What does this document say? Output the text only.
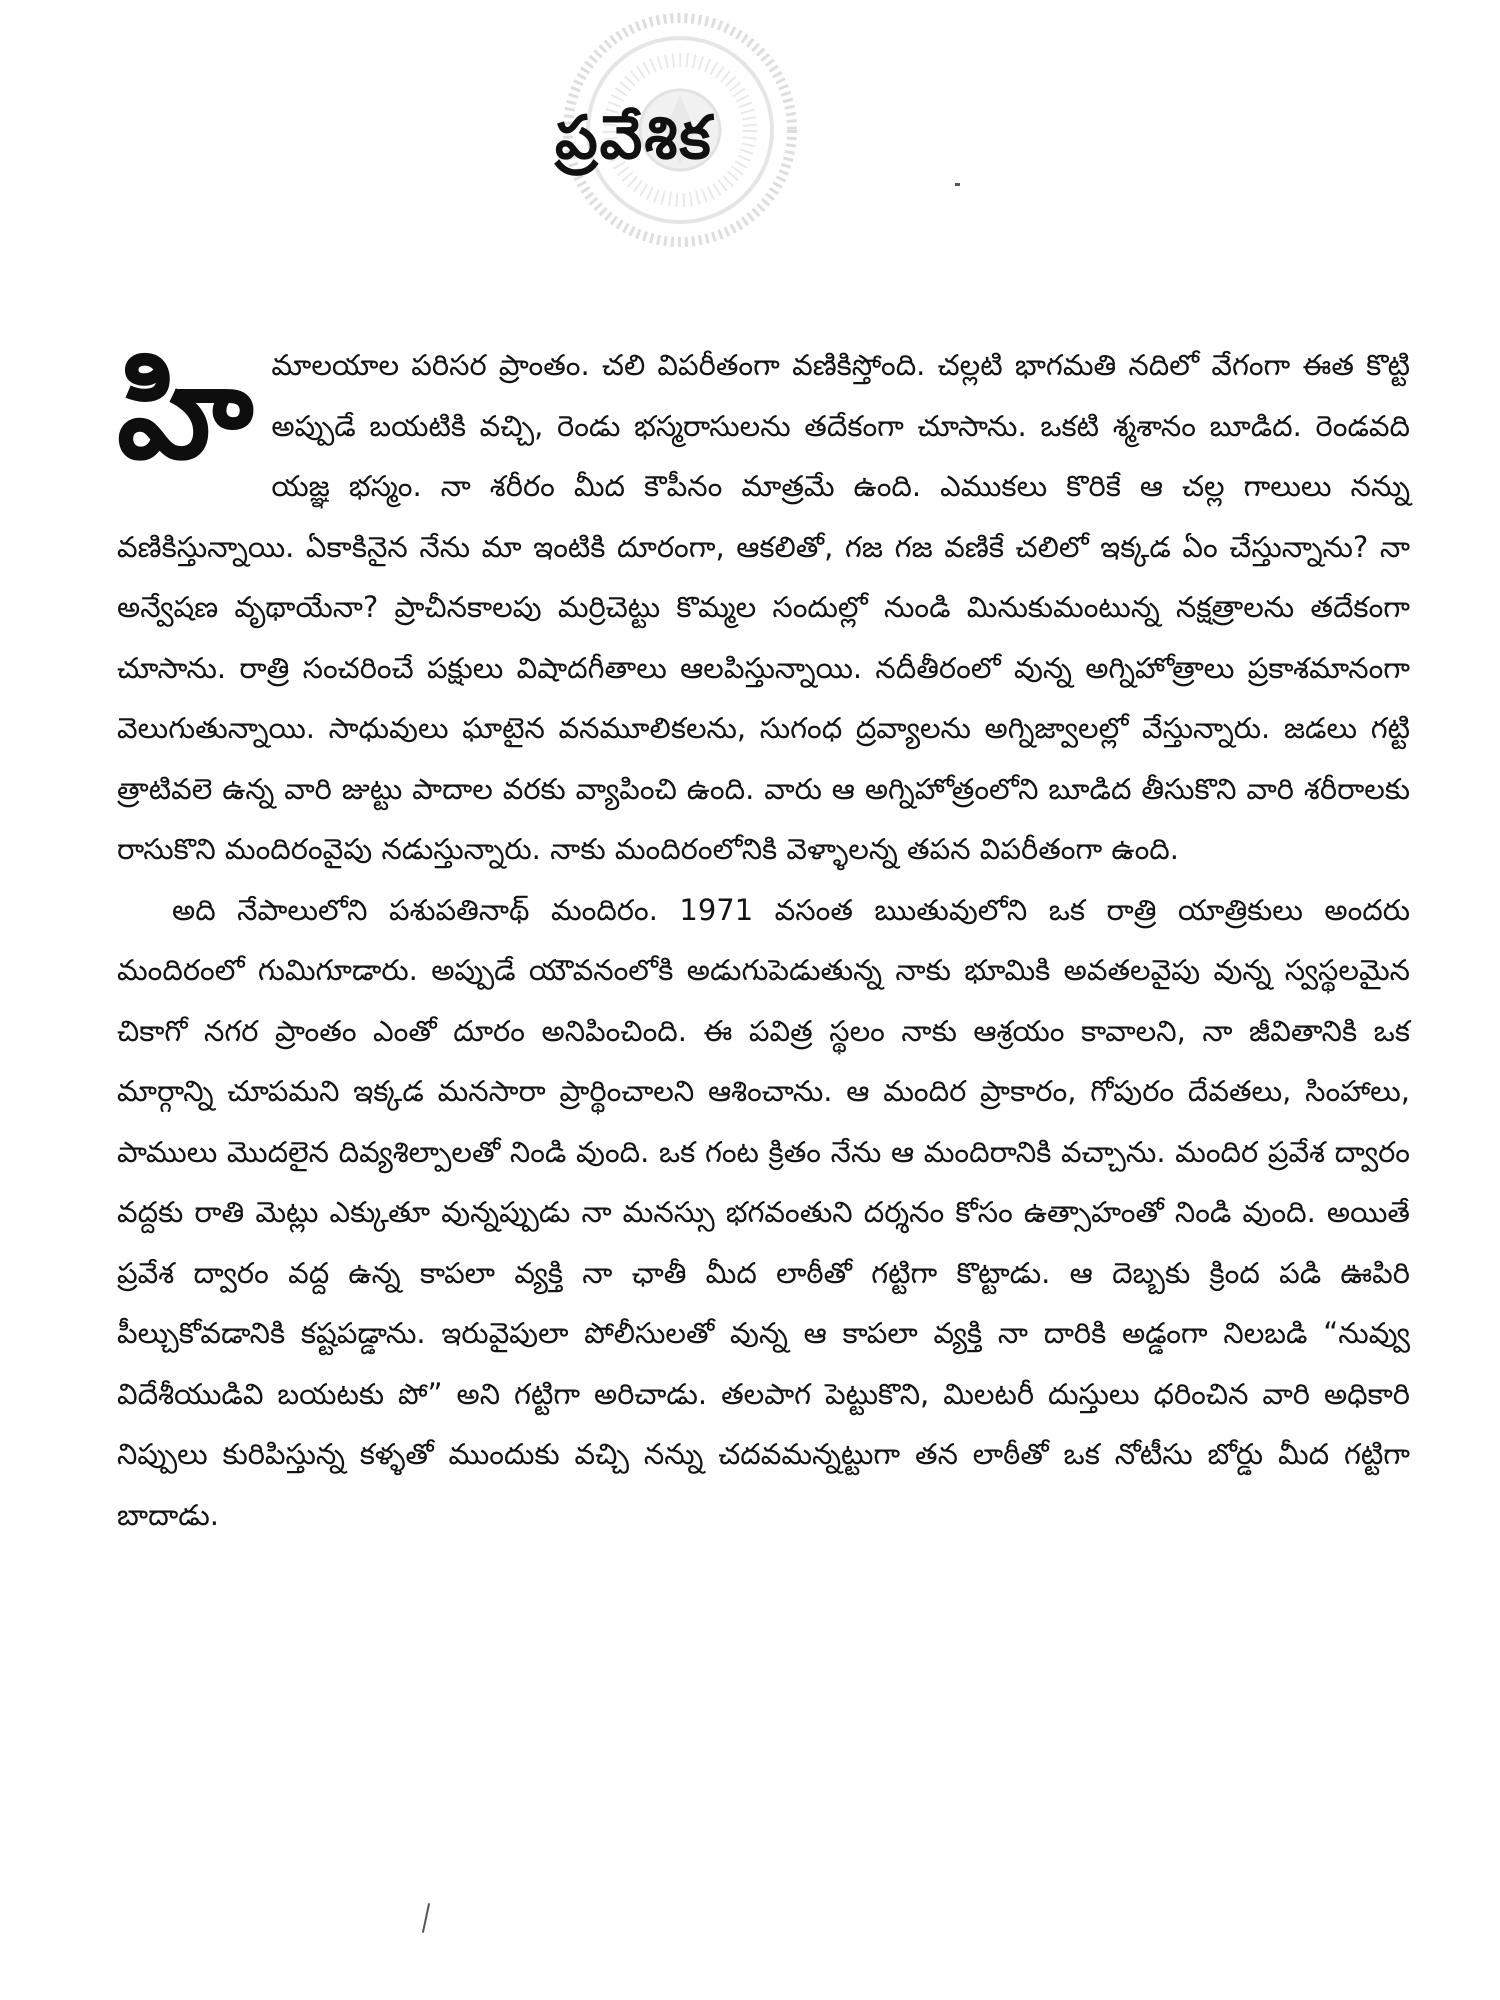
ప్రవేశిక
హి మాలయాల పరిసర ప్రాంతం. చలి విపరీతంగా వణికిస్తోంది. చల్లటి భాగమతి నదిలో వేగంగా ఈత కొట్టి అప్పుడే బయటికి వచ్చి, రెండు భస్మరాసులను తదేకంగా చూసాను. ఒకటి శ్మశానం బూడిద. రెండవది యజ్ఞ భస్మం. నా శరీరం మీద కౌపీనం మాత్రమే ఉంది. ఎముకలు కొరికే ఆ చల్ల గాలులు నన్ను వణికిస్తున్నాయి. ఏకాకినైన నేను మా ఇంటికి దూరంగా, ఆకలితో, గజ గజ వణికే చలిలో ఇక్కడ ఏం చేస్తున్నాను? నా అన్వేషణ వృథాయేనా? ప్రాచీనకాలపు మర్రిచెట్టు కొమ్మల సందుల్లో నుండి మినుకుమంటున్న నక్షత్రాలను తదేకంగా చూసాను. రాత్రి సంచరించే పక్షులు విషాదగీతాలు ఆలపిస్తున్నాయి. నదీతీరంలో వున్న అగ్నిహోత్రాలు ప్రకాశమానంగా వెలుగుతున్నాయి. సాధువులు ఘాటైన వనమూలికలను, సుగంధ ద్రవ్యాలను అగ్నిజ్వాలల్లో వేస్తున్నారు. జడలు గట్టి త్రాటివలె ఉన్న వారి జుట్టు పాదాల వరకు వ్యాపించి ఉంది. వారు ఆ అగ్నిహోత్రంలోని బూడిద తీసుకొని వారి శరీరాలకు రాసుకొని మందిరంవైపు నడుస్తున్నారు. నాకు మందిరంలోనికి వెళ్ళాలన్న తపన విపరీతంగా ఉంది.

అది నేపాలులోని పశుపతినాథ్ మందిరం. 1971 వసంత ఋతువులోని ఒక రాత్రి యాత్రికులు అందరు మందిరంలో గుమిగూడారు. అప్పుడే యౌవనంలోకి అడుగుపెడుతున్న నాకు భూమికి అవతలవైపు వున్న స్వస్థలమైన చికాగో నగర ప్రాంతం ఎంతో దూరం అనిపించింది. ఈ పవిత్ర స్థలం నాకు ఆశ్రయం కావాలని, నా జీవితానికి ఒక మార్గాన్ని చూపమని ఇక్కడ మనసారా ప్రార్థించాలని ఆశించాను. ఆ మందిర ప్రాకారం, గోపురం దేవతలు, సింహాలు, పాములు మొదలైన దివ్యశిల్పాలతో నిండి వుంది. ఒక గంట క్రితం నేను ఆ మందిరానికి వచ్చాను. మందిర ప్రవేశ ద్వారం వద్దకు రాతి మెట్లు ఎక్కుతూ వున్నప్పుడు నా మనస్సు భగవంతుని దర్శనం కోసం ఉత్సాహంతో నిండి వుంది. అయితే ప్రవేశ ద్వారం వద్ద ఉన్న కాపలా వ్యక్తి నా ఛాతీ మీద లాఠీతో గట్టిగా కొట్టాడు. ఆ దెబ్బకు క్రింద పడి ఊపిరి పీల్చుకోవడానికి కష్టపడ్డాను. ఇరువైపులా పోలీసులతో వున్న ఆ కాపలా వ్యక్తి నా దారికి అడ్డంగా నిలబడి “నువ్వు విదేశీయుడివి బయటకు పో” అని గట్టిగా అరిచాడు. తలపాగ పెట్టుకొని, మిలటరీ దుస్తులు ధరించిన వారి అధికారి నిప్పులు కురిపిస్తున్న కళ్ళతో ముందుకు వచ్చి నన్ను చదవమన్నట్టుగా తన లాఠీతో ఒక నోటీసు బోర్డు మీద గట్టిగా బాదాడు.
